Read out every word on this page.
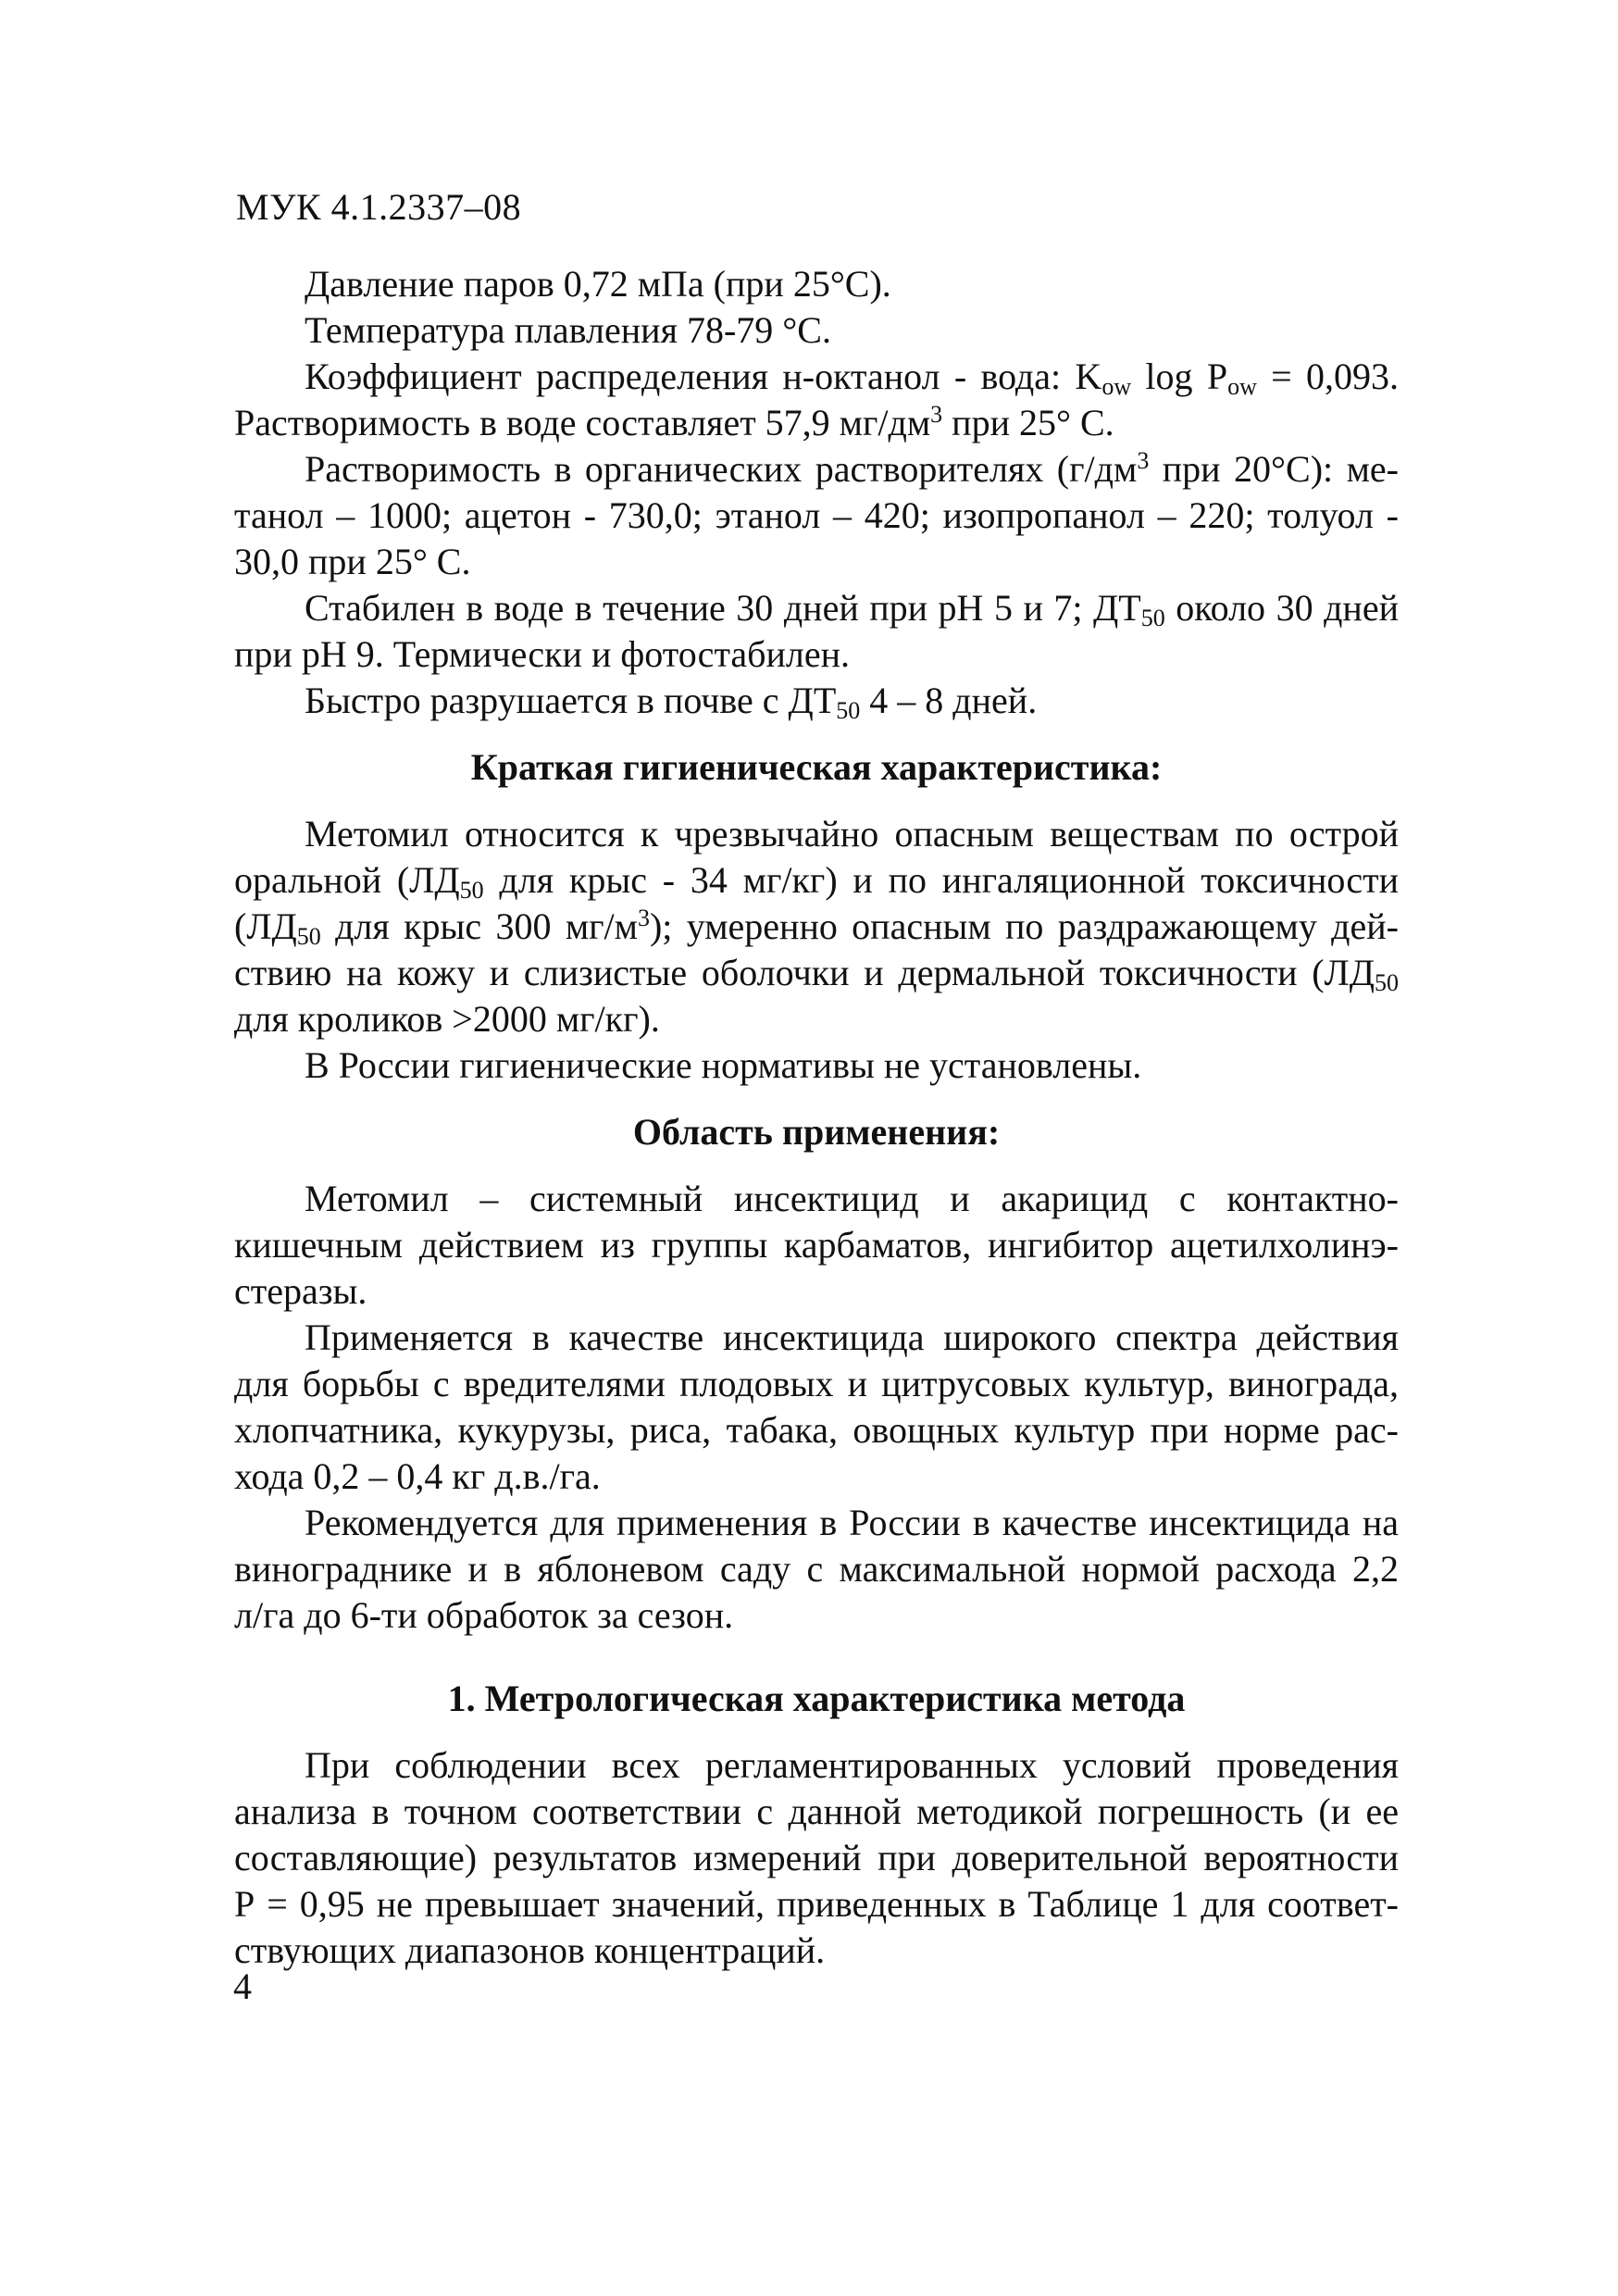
МУК 4.1.2337–08
Давление паров 0,72 мПа (при 25°С).
Температура плавления 78-79 °С.
Коэффициент распределения н-октанол - вода: $K_{ow}$ $\log P_{ow} = 0,093$.
Растворимость в воде составляет 57,9 $мг/дм^3$ при 25° С.
Растворимость в органических растворителях ($г/дм^3$ при 20°С): ме-
танол – 1000; ацетон - 730,0; этанол – 420; изопропанол – 220; толуол -
30,0 при 25° С.
Стабилен в воде в течение 30 дней при рН 5 и 7; $ДТ_{50}$ около 30 дней
при рН 9. Термически и фотостабилен.
Быстро разрушается в почве с $ДТ_{50}$ 4 – 8 дней.
Краткая гигиеническая характеристика:
Метомил относится к чрезвычайно опасным веществам по острой
оральной ($ЛД_{50}$ для крыс - 34 мг/кг) и по ингаляционной токсичности
($ЛД_{50}$ для крыс 300 $мг/м^3$); умеренно опасным по раздражающему дей-
ствию на кожу и слизистые оболочки и дермальной токсичности ($ЛД_{50}$
для кроликов >2000 мг/кг).
В России гигиенические нормативы не установлены.
Область применения:
Метомил – системный инсектицид и акарицид с контактно-
кишечным действием из группы карбаматов, ингибитор ацетилхолинэ-
стеразы.
Применяется в качестве инсектицида широкого спектра действия
для борьбы с вредителями плодовых и цитрусовых культур, винограда,
хлопчатника, кукурузы, риса, табака, овощных культур при норме рас-
хода 0,2 – 0,4 кг д.в./га.
Рекомендуется для применения в России в качестве инсектицида на
винограднике и в яблоневом саду с максимальной нормой расхода 2,2
л/га до 6-ти обработок за сезон.
1. Метрологическая характеристика метода
При соблюдении всех регламентированных условий проведения
анализа в точном соответствии с данной методикой погрешность (и ее
составляющие) результатов измерений при доверительной вероятности
Р = 0,95 не превышает значений, приведенных в Таблице 1 для соответ-
ствующих диапазонов концентраций.
4
